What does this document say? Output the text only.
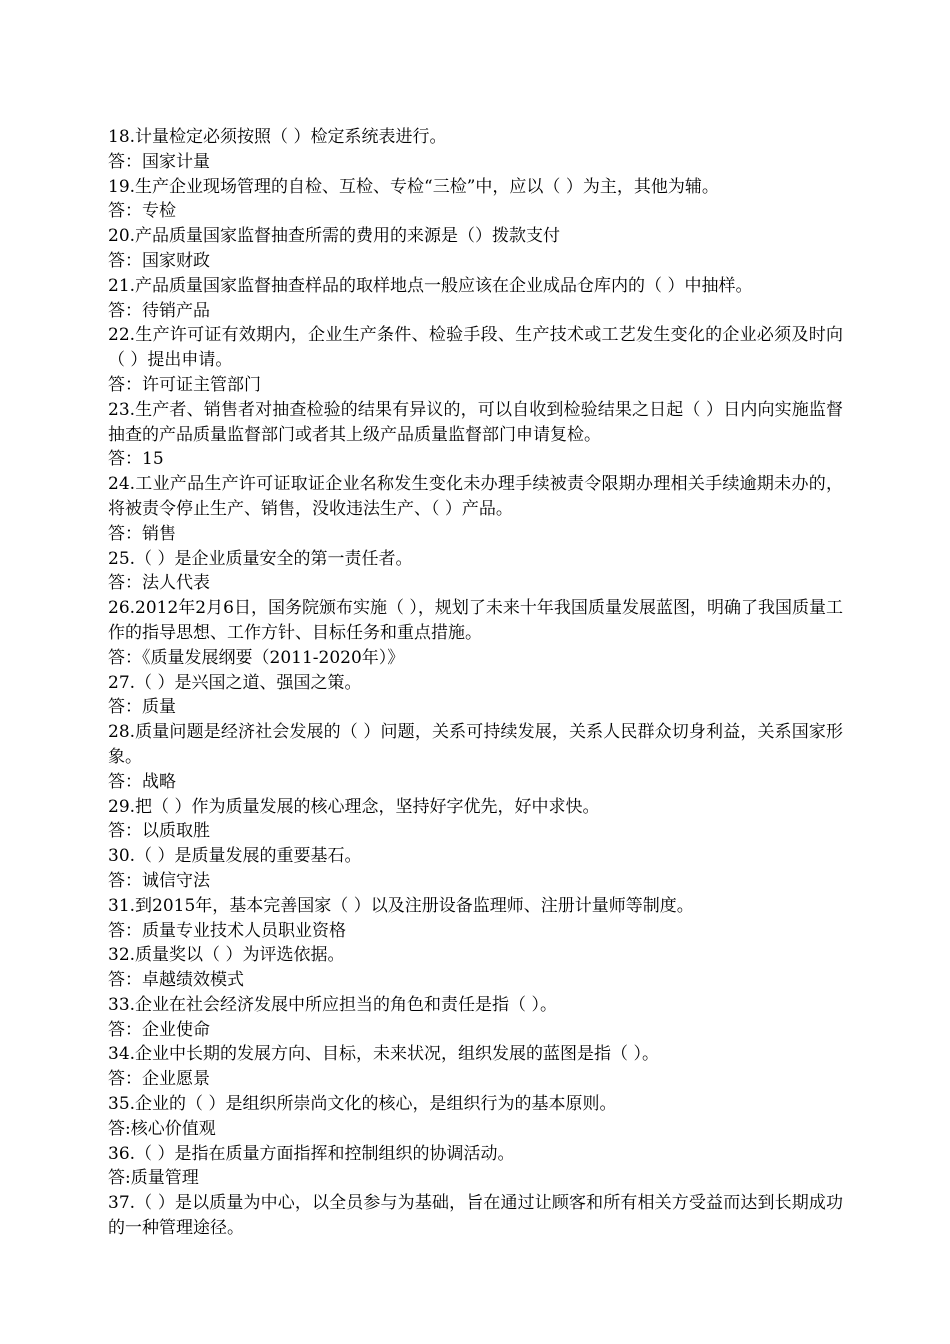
18.计量检定必须按照（ ）检定系统表进行。
答：国家计量
19.生产企业现场管理的自检、互检、专检“三检”中，应以（ ）为主，其他为辅。
答：专检
20.产品质量国家监督抽查所需的费用的来源是（）拨款支付
答：国家财政
21.产品质量国家监督抽查样品的取样地点一般应该在企业成品仓库内的（ ）中抽样。
答：待销产品
22.生产许可证有效期内，企业生产条件、检验手段、生产技术或工艺发生变化的企业必须及时向（ ）提出申请。
答：许可证主管部门
23.生产者、销售者对抽查检验的结果有异议的，可以自收到检验结果之日起（ ）日内向实施监督抽查的产品质量监督部门或者其上级产品质量监督部门申请复检。
答：15
24.工业产品生产许可证取证企业名称发生变化未办理手续被责令限期办理相关手续逾期未办的，将被责令停止生产、销售，没收违法生产、（ ）产品。
答：销售
25.（ ）是企业质量安全的第一责任者。
答：法人代表
26.2012年2月6日，国务院颁布实施（ ），规划了未来十年我国质量发展蓝图，明确了我国质量工作的指导思想、工作方针、目标任务和重点措施。
答：《质量发展纲要（2011-2020年）》
27.（ ）是兴国之道、强国之策。
答：质量
28.质量问题是经济社会发展的（ ）问题，关系可持续发展，关系人民群众切身利益，关系国家形象。
答：战略
29.把（ ）作为质量发展的核心理念，坚持好字优先，好中求快。
答：以质取胜
30.（ ）是质量发展的重要基石。
答：诚信守法
31.到2015年，基本完善国家（ ）以及注册设备监理师、注册计量师等制度。
答：质量专业技术人员职业资格
32.质量奖以（ ）为评选依据。
答：卓越绩效模式
33.企业在社会经济发展中所应担当的角色和责任是指（ ）。
答：企业使命
34.企业中长期的发展方向、目标，未来状况，组织发展的蓝图是指（ ）。
答：企业愿景
35.企业的（ ）是组织所崇尚文化的核心，是组织行为的基本原则。
答:核心价值观
36.（ ）是指在质量方面指挥和控制组织的协调活动。
答:质量管理
37.（ ）是以质量为中心，以全员参与为基础，旨在通过让顾客和所有相关方受益而达到长期成功的一种管理途径。
